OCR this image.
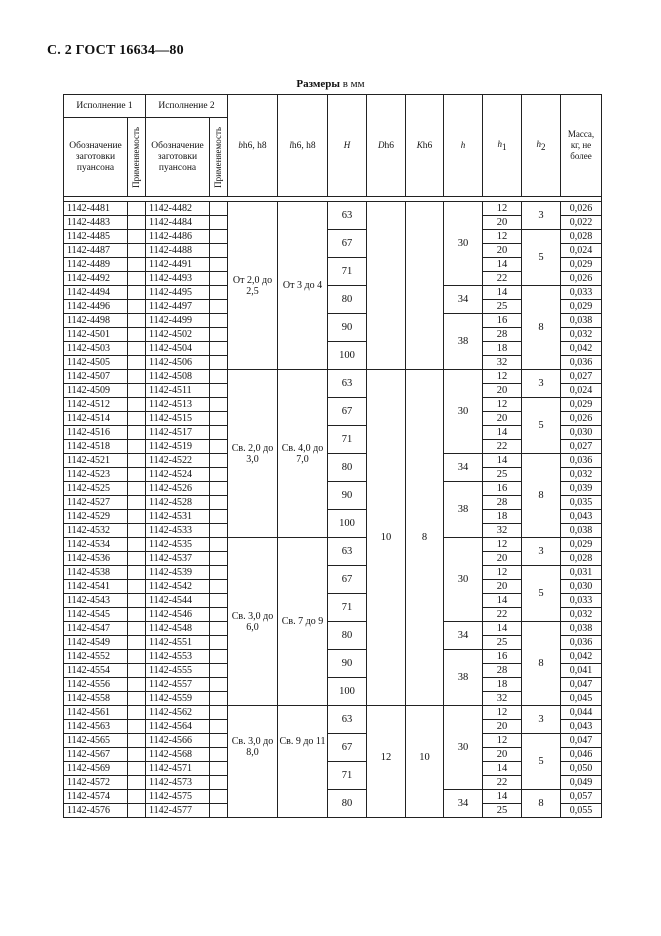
С. 2 ГОСТ 16634—80
Размеры в мм
Исполнение 1		Исполнение 2		bh6, h8	lh6, h8	H	Dh6	Kh6	h	$h_1$	$h_2$	Масса, кг, не более
Обозначение заготовки пуансона	Применяемость	Обозначение заготовки пуансона	Применяемость									

1142-4481		1142-4482		От 2,0 до 2,5	От 3 до 4	63			30	12	3	0,026
1142-4483		1142-4484								20		0,022
1142-4485		1142-4486				67				12	5	0,028
1142-4487		1142-4488								20		0,024
1142-4489		1142-4491				71				14		0,029
1142-4492		1142-4493								22		0,026
1142-4494		1142-4495				80			34	14	8	0,033
1142-4496		1142-4497								25		0,029
1142-4498		1142-4499				90			38	16		0,038
1142-4501		1142-4502								28		0,032
1142-4503		1142-4504				100				18		0,042
1142-4505		1142-4506								32		0,036
1142-4507		1142-4508		Св. 2,0 до 3,0	Св. 4,0 до 7,0	63	10	8	30	12	3	0,027
1142-4509		1142-4511								20		0,024
1142-4512		1142-4513				67				12	5	0,029
1142-4514		1142-4515								20		0,026
1142-4516		1142-4517				71				14		0,030
1142-4518		1142-4519								22		0,027
1142-4521		1142-4522				80			34	14	8	0,036
1142-4523		1142-4524								25		0,032
1142-4525		1142-4526				90			38	16		0,039
1142-4527		1142-4528								28		0,035
1142-4529		1142-4531				100				18		0,043
1142-4532		1142-4533								32		0,038
1142-4534		1142-4535		Св. 3,0 до 6,0	Св. 7 до 9	63			30	12	3	0,029
1142-4536		1142-4537								20		0,028
1142-4538		1142-4539				67				12	5	0,031
1142-4541		1142-4542								20		0,030
1142-4543		1142-4544				71				14		0,033
1142-4545		1142-4546								22		0,032
1142-4547		1142-4548				80			34	14	8	0,038
1142-4549		1142-4551								25		0,036
1142-4552		1142-4553				90			38	16		0,042
1142-4554		1142-4555								28		0,041
1142-4556		1142-4557				100				18		0,047
1142-4558		1142-4559								32		0,045
1142-4561		1142-4562		Св. 3,0 до 8,0	Св. 9 до 11	63	12	10	30	12	3	0,044
1142-4563		1142-4564								20		0,043
1142-4565		1142-4566				67				12	5	0,047
1142-4567		1142-4568								20		0,046
1142-4569		1142-4571				71				14		0,050
1142-4572		1142-4573								22		0,049
1142-4574		1142-4575				80			34	14	8	0,057
1142-4576		1142-4577								25		0,055
